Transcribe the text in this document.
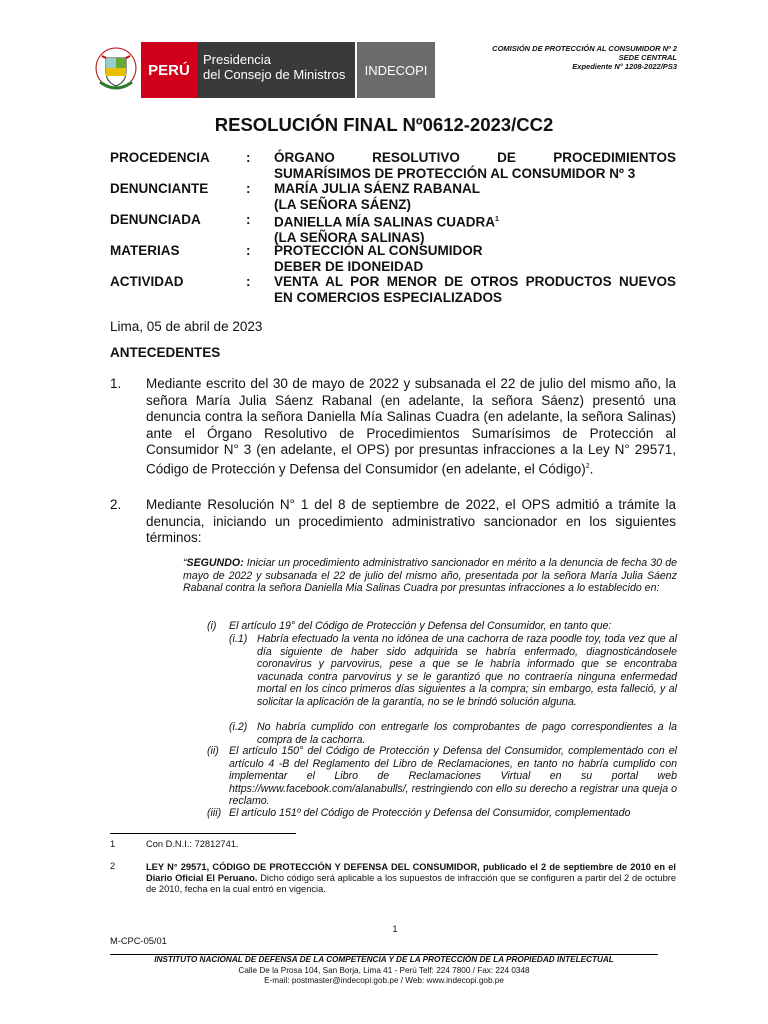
PERÚ
Presidencia
del Consejo de Ministros	INDECOPI
COMISIÓN DE PROTECCIÓN AL CONSUMIDOR Nº 2
SEDE CENTRAL
Expediente N° 1208-2022/PS3
RESOLUCIÓN FINAL Nº0612-2023/CC2
PROCEDENCIA	: ÓRGANO RESOLUTIVO DE PROCEDIMIENTOS
SUMARÍSIMOS DE PROTECCIÓN AL CONSUMIDOR Nº 3
DENUNCIANTE	: MARÍA JULIA SÁENZ RABANAL
(LA SEÑORA SÁENZ)
DENUNCIADA	: DANIELLA MÍA SALINAS CUADRA$^1$
(LA SEÑORA SALINAS)
MATERIAS	: PROTECCIÓN AL CONSUMIDOR
DEBER DE IDONEIDAD
ACTIVIDAD	: VENTA AL POR MENOR DE OTROS PRODUCTOS NUEVOS
EN COMERCIOS ESPECIALIZADOS
Lima, 05 de abril de 2023
ANTECEDENTES
1. Mediante escrito del 30 de mayo de 2022 y subsanada el 22 de julio del mismo año, la señora María Julia Sáenz Rabanal (en adelante, la señora Sáenz) presentó una denuncia contra la señora Daniella Mía Salinas Cuadra (en adelante, la señora Salinas) ante el Órgano Resolutivo de Procedimientos Sumarísimos de Protección al Consumidor N° 3 (en adelante, el OPS) por presuntas infracciones a la Ley N° 29571, Código de Protección y Defensa del Consumidor (en adelante, el Código)$^2$.
2. Mediante Resolución N° 1 del 8 de septiembre de 2022, el OPS admitió a trámite la denuncia, iniciando un procedimiento administrativo sancionador en los siguientes términos:
“SEGUNDO: Iniciar un procedimiento administrativo sancionador en mérito a la denuncia de fecha 30 de mayo de 2022 y subsanada el 22 de julio del mismo año, presentada por la señora María Julia Sáenz Rabanal contra la señora Daniella Mia Salinas Cuadra por presuntas infracciones a lo establecido en:
(i) El artículo 19° del Código de Protección y Defensa del Consumidor, en tanto que:
(i.1) Habría efectuado la venta no idónea de una cachorra de raza poodle toy, toda vez que al día siguiente de haber sido adquirida se habría enfermado, diagnosticándosele coronavirus y parvovirus, pese a que se le habría informado que se encontraba vacunada contra parvovirus y se le garantizó que no contraería ninguna enfermedad mortal en los cinco primeros días siguientes a la compra; sin embargo, esta falleció, y al solicitar la aplicación de la garantía, no se le brindó solución alguna.
(i.2) No habría cumplido con entregarle los comprobantes de pago correspondientes a la compra de la cachorra.
(ii) El artículo 150° del Código de Protección y Defensa del Consumidor, complementado con el artículo 4 -B del Reglamento del Libro de Reclamaciones, en tanto no habría cumplido con implementar el Libro de Reclamaciones Virtual en su portal web https://www.facebook.com/alanabulls/, restringiendo con ello su derecho a registrar una queja o reclamo.
(iii) El artículo 151º del Código de Protección y Defensa del Consumidor, complementado
1	Con D.N.I.: 72812741.
2	LEY N° 29571, CÓDIGO DE PROTECCIÓN Y DEFENSA DEL CONSUMIDOR, publicado el 2 de septiembre de 2010 en el Diario Oficial El Peruano. Dicho código será aplicable a los supuestos de infracción que se configuren a partir del 2 de octubre de 2010, fecha en la cual entró en vigencia.
1
M-CPC-05/01
INSTITUTO NACIONAL DE DEFENSA DE LA COMPETENCIA Y DE LA PROTECCIÓN DE LA PROPIEDAD INTELECTUAL
Calle De la Prosa 104, San Borja, Lima 41 - Perú Telf: 224 7800 / Fax: 224 0348
E-mail: postmaster@indecopi.gob.pe / Web: www.indecopi.gob.pe
